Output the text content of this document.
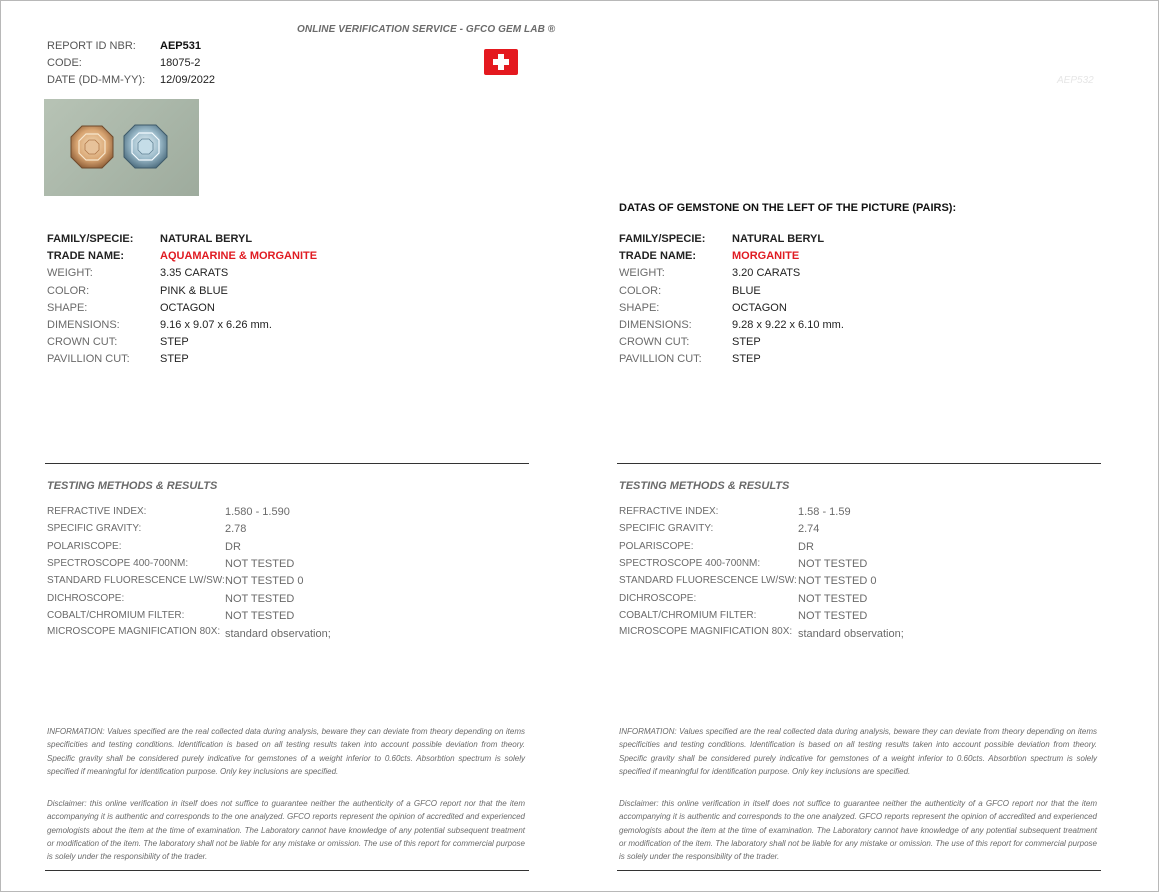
ONLINE VERIFICATION SERVICE - GFCO GEM LAB ®
REPORT ID NBR: AEP531
CODE:	18075-2
DATE (DD-MM-YY): 12/09/2022	AEP532
DATAS OF GEMSTONE ON THE LEFT OF THE PICTURE (PAIRS):
FAMILY/SPECIE: NATURAL BERYL
TRADE NAME:	AQUAMARINE & MORGANITE
WEIGHT:	3.35 CARATS
COLOR:	PINK & BLUE
SHAPE:	OCTAGON
DIMENSIONS:	9.16 x 9.07 x 6.26 mm.
CROWN CUT:	STEP
PAVILLION CUT:	STEP
FAMILY/SPECIE: NATURAL BERYL
TRADE NAME:	MORGANITE
WEIGHT:	3.20 CARATS
COLOR:	BLUE
SHAPE:	OCTAGON
DIMENSIONS:	9.28 x 9.22 x 6.10 mm.
CROWN CUT:	STEP
PAVILLION CUT:	STEP
TESTING METHODS & RESULTS	TESTING METHODS & RESULTS
REFRACTIVE INDEX:	1.580 - 1.590
SPECIFIC GRAVITY:	2.78
POLARISCOPE:	DR
SPECTROSCOPE 400-700NM:	NOT TESTED
STANDARD FLUORESCENCE LW/SW: NOT TESTED 0
DICHROSCOPE:	NOT TESTED
COBALT/CHROMIUM FILTER:	NOT TESTED
MICROSCOPE MAGNIFICATION 80X: standard observation;
REFRACTIVE INDEX:	1.58 - 1.59
SPECIFIC GRAVITY:	2.74
POLARISCOPE:	DR
SPECTROSCOPE 400-700NM:	NOT TESTED
STANDARD FLUORESCENCE LW/SW: NOT TESTED 0
DICHROSCOPE:	NOT TESTED
COBALT/CHROMIUM FILTER:	NOT TESTED
MICROSCOPE MAGNIFICATION 80X: standard observation;
INFORMATION: Values specified are the real collected data during analysis, beware they can deviate from theory depending on items specificities and testing conditions. Identification is based on all testing results taken into account possible deviation from theory. Specific gravity shall be considered purely indicative for gemstones of a weight inferior to 0.60cts. Absorbtion spectrum is solely specified if meaningful for identification purpose. Only key inclusions are specified.
INFORMATION: Values specified are the real collected data during analysis, beware they can deviate from theory depending on items specificities and testing conditions. Identification is based on all testing results taken into account possible deviation from theory. Specific gravity shall be considered purely indicative for gemstones of a weight inferior to 0.60cts. Absorbtion spectrum is solely specified if meaningful for identification purpose. Only key inclusions are specified.
Disclaimer: this online verification in itself does not suffice to guarantee neither the authenticity of a GFCO report nor that the item accompanying it is authentic and corresponds to the one analyzed. GFCO reports represent the opinion of accredited and experienced gemologists about the item at the time of examination. The Laboratory cannot have knowledge of any potential subsequent treatment or modification of the item. The laboratory shall not be liable for any mistake or omission. The use of this report for commercial purpose is solely under the responsibility of the trader.
Disclaimer: this online verification in itself does not suffice to guarantee neither the authenticity of a GFCO report nor that the item accompanying it is authentic and corresponds to the one analyzed. GFCO reports represent the opinion of accredited and experienced gemologists about the item at the time of examination. The Laboratory cannot have knowledge of any potential subsequent treatment or modification of the item. The laboratory shall not be liable for any mistake or omission. The use of this report for commercial purpose is solely under the responsibility of the trader.
